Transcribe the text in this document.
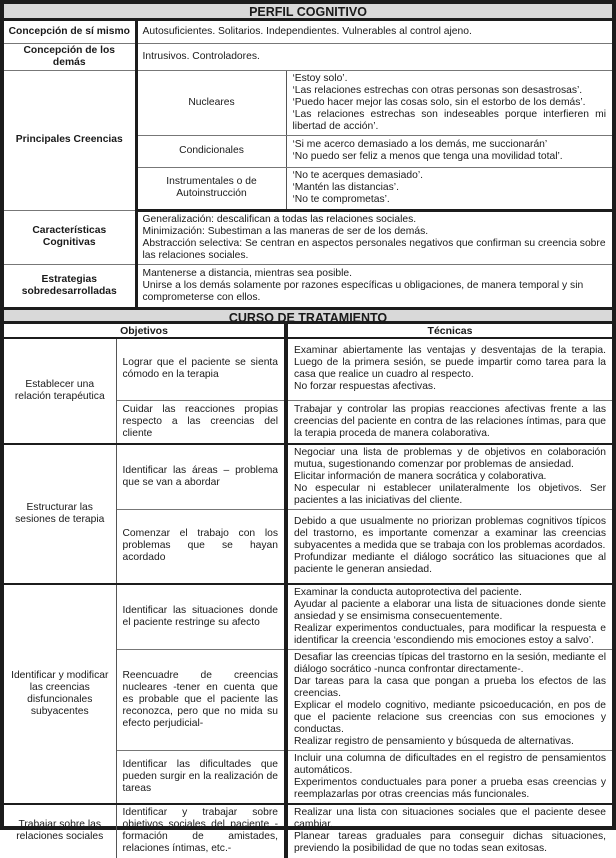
PERFIL COGNITIVO
Concepción de sí mismo	Autosuficientes. Solitarios. Independientes. Vulnerables al control ajeno.	
Concepción de los demás	Intrusivos. Controladores.	
Principales Creencias	Nucleares	‘Estoy solo’.
‘Las relaciones estrechas con otras personas son desastrosas’.
‘Puedo hacer mejor las cosas solo, sin el estorbo de los demás’.
‘Las relaciones estrechas son indeseables porque interfieren mi libertad de acción’.

	Condicionales	‘Si me acerco demasiado a los demás, me succionarán’
‘No puedo ser feliz a menos que tenga una movilidad total’.

	Instrumentales o de Autoinstrucción	‘No te acerques demasiado’.
‘Mantén las distancias’.
‘No te comprometas’.

Características Cognitivas	Generalización: descalifican a todas las relaciones sociales.
Minimización: Subestiman a las maneras de ser de los demás.
Abstracción selectiva: Se centran en aspectos personales negativos que confirman su creencia sobre las relaciones sociales.	

Estrategias sobredesarrolladas	Mantenerse a distancia, mientras sea posible.
Unirse a los demás solamente por razones específicas u obligaciones, de manera temporal y sin comprometerse con ellos.	
CURSO DE TRATAMIENTO
Objetivos		Técnicas
Establecer una relación terapéutica	Lograr que el paciente se sienta cómodo en la terapia	Examinar abiertamente las ventajas y desventajas de la terapia. Luego de la primera sesión, se puede impartir como tarea para la casa que realice un cuadro al respecto.
No forzar respuestas afectivas.

	Cuidar las reacciones propias respecto a las creencias del cliente	Trabajar y controlar las propias reacciones afectivas frente a las creencias del paciente en contra de las relaciones íntimas, para que la terapia proceda de manera colaborativa.

Estructurar las sesiones de terapia	Identificar las áreas – problema que se van a abordar	Negociar una lista de problemas y de objetivos en colaboración mutua, sugestionando comenzar por problemas de ansiedad.
Elicitar información de manera socrática y colaborativa.
No especular ni establecer unilateralmente los objetivos. Ser pacientes a las iniciativas del cliente.

	Comenzar el trabajo con los problemas que se hayan acordado	Debido a que usualmente no priorizan problemas cognitivos típicos del trastorno, es importante comenzar a examinar las creencias subyacentes a medida que se trabaja con los problemas acordados.
Profundizar mediante el diálogo socrático las situaciones que al paciente le generan ansiedad.

Identificar y modificar las creencias disfuncionales subyacentes	Identificar las situaciones donde el paciente restringe su afecto	Examinar la conducta autoprotectiva del paciente.
Ayudar al paciente a elaborar una lista de situaciones donde siente ansiedad y se ensimisma consecuentemente.
Realizar experimentos conductuales, para modificar la respuesta e identificar la creencia ‘escondiendo mis emociones estoy a salvo’.

	Reencuadre de creencias nucleares -tener en cuenta que es probable que el paciente las reconozca, pero que no mida su efecto perjudicial-	Desafiar las creencias típicas del trastorno en la sesión, mediante el diálogo socrático -nunca confrontar directamente-.
Dar tareas para la casa que pongan a prueba los efectos de las creencias.
Explicar el modelo cognitivo, mediante psicoeducación, en pos de que el paciente relacione sus creencias con sus emociones y conductas.
Realizar registro de pensamiento y búsqueda de alternativas.

	Identificar las dificultades que pueden surgir en la realización de tareas	Incluir una columna de dificultades en el registro de pensamientos automáticos.
Experimentos conductuales para poner a prueba esas creencias y reemplazarlas por otras creencias más funcionales.

Trabajar sobre las relaciones sociales	Identificar y trabajar sobre objetivos sociales del paciente -formación de amistades, relaciones íntimas, etc.-	Realizar una lista con situaciones sociales que el paciente desee cambiar.
Planear tareas graduales para conseguir dichas situaciones, previendo la posibilidad de que no todas sean exitosas.
